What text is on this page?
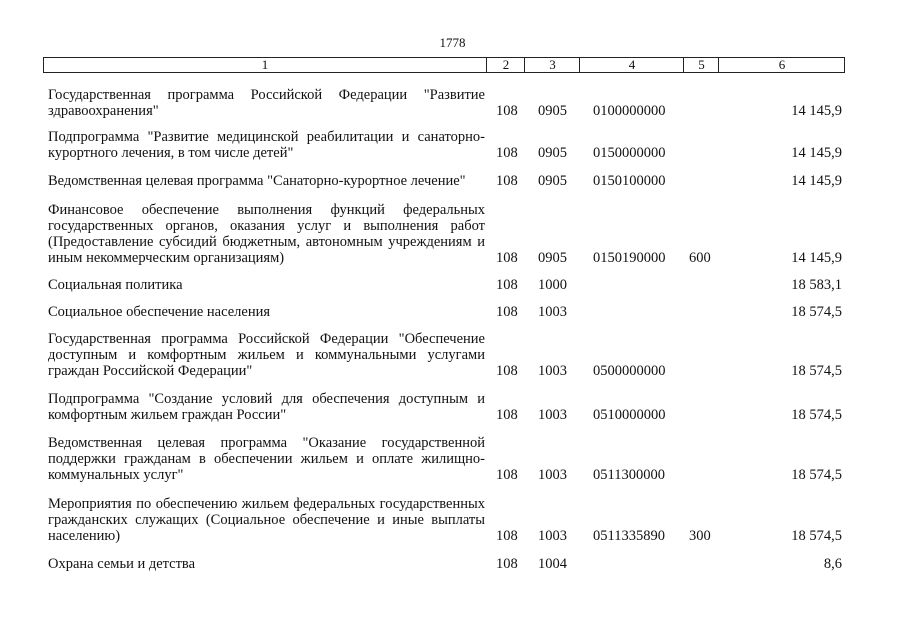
1778
1	2	3	4	5	6
Государственная программа Российской Федерации "Развитие здравоохранения"	108 0905 0100000000	14 145,9
Подпрограмма "Развитие медицинской реабилитации и санаторно-курортного лечения, в том числе детей"	108 0905 0150000000	14 145,9
Ведомственная целевая программа "Санаторно-курортное лечение"	108 0905 0150100000	14 145,9
Финансовое обеспечение выполнения функций федеральных государственных органов, оказания услуг и выполнения работ (Предоставление субсидий бюджетным, автономным учреждениям и иным некоммерческим организациям)	108 0905 0150190000 600	14 145,9
Социальная политика	108 1000	18 583,1
Социальное обеспечение населения	108 1003	18 574,5
Государственная программа Российской Федерации "Обеспечение доступным и комфортным жильем и коммунальными услугами граждан Российской Федерации"	108 1003 0500000000	18 574,5
Подпрограмма "Создание условий для обеспечения доступным и комфортным жильем граждан России"	108 1003 0510000000	18 574,5
Ведомственная целевая программа "Оказание государственной поддержки гражданам в обеспечении жильем и оплате жилищно-коммунальных услуг"	108 1003 0511300000	18 574,5
Мероприятия по обеспечению жильем федеральных государственных гражданских служащих (Социальное обеспечение и иные выплаты населению)	108 1003 0511335890 300	18 574,5
Охрана семьи и детства	108 1004	8,6
